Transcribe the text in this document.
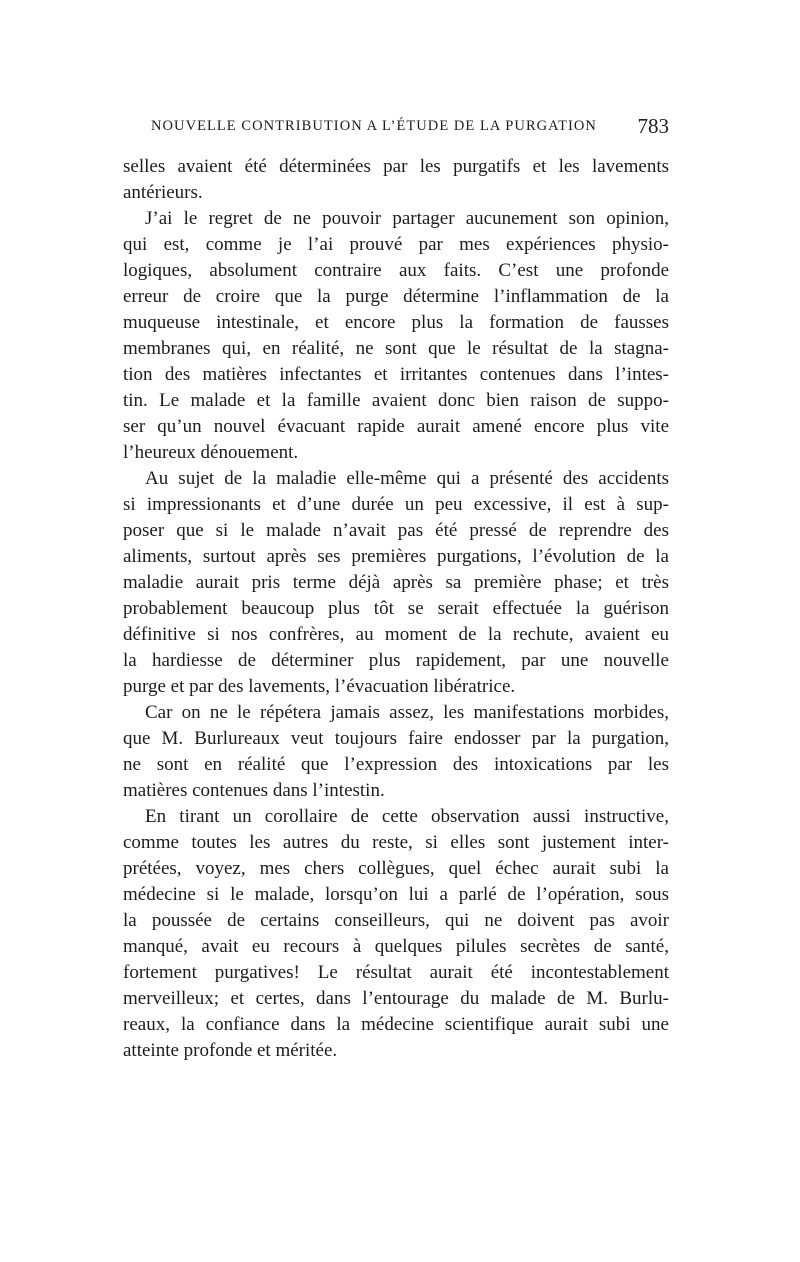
NOUVELLE CONTRIBUTION A L’ÉTUDE DE LA PURGATION 783
selles avaient été déterminées par les purgatifs et les lavements
antérieurs.
J’ai le regret de ne pouvoir partager aucunement son opinion,
qui est, comme je l’ai prouvé par mes expériences physio-
logiques, absolument contraire aux faits. C’est une profonde
erreur de croire que la purge détermine l’inflammation de la
muqueuse intestinale, et encore plus la formation de fausses
membranes qui, en réalité, ne sont que le résultat de la stagna-
tion des matières infectantes et irritantes contenues dans l’intes-
tin. Le malade et la famille avaient donc bien raison de suppo-
ser qu’un nouvel évacuant rapide aurait amené encore plus vite
l’heureux dénouement.
Au sujet de la maladie elle-même qui a présenté des accidents
si impressionants et d’une durée un peu excessive, il est à sup-
poser que si le malade n’avait pas été pressé de reprendre des
aliments, surtout après ses premières purgations, l’évolution de la
maladie aurait pris terme déjà après sa première phase; et très
probablement beaucoup plus tôt se serait effectuée la guérison
définitive si nos confrères, au moment de la rechute, avaient eu
la hardiesse de déterminer plus rapidement, par une nouvelle
purge et par des lavements, l’évacuation libératrice.
Car on ne le répétera jamais assez, les manifestations morbides,
que M. Burlureaux veut toujours faire endosser par la purgation,
ne sont en réalité que l’expression des intoxications par les
matières contenues dans l’intestin.
En tirant un corollaire de cette observation aussi instructive,
comme toutes les autres du reste, si elles sont justement inter-
prétées, voyez, mes chers collègues, quel échec aurait subi la
médecine si le malade, lorsqu’on lui a parlé de l’opération, sous
la poussée de certains conseilleurs, qui ne doivent pas avoir
manqué, avait eu recours à quelques pilules secrètes de santé,
fortement purgatives! Le résultat aurait été incontestablement
merveilleux; et certes, dans l’entourage du malade de M. Burlu-
reaux, la confiance dans la médecine scientifique aurait subi une
atteinte profonde et méritée.
